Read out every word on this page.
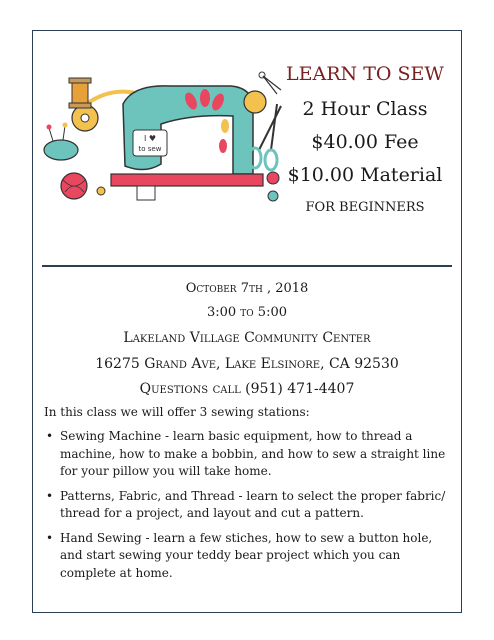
I ♥
to sew
LEARN TO SEW
2 Hour Class
$40.00 Fee
$10.00 Material
FOR BEGINNERS
October 7th , 2018
3:00 to 5:00
Lakeland Village Community Center
16275 Grand Ave, Lake Elsinore, CA 92530
Questions call (951) 471-4407
In this class we will offer 3 sewing stations:
• Sewing Machine - learn basic equipment, how to thread a machine, how to make a bobbin, and how to sew a straight line for your pillow you will take home.
• Patterns, Fabric, and Thread - learn to select the proper fabric/ thread for a project, and layout and cut a pattern.
• Hand Sewing - learn a few stiches, how to sew a button hole, and start sewing your teddy bear project which you can complete at home.
